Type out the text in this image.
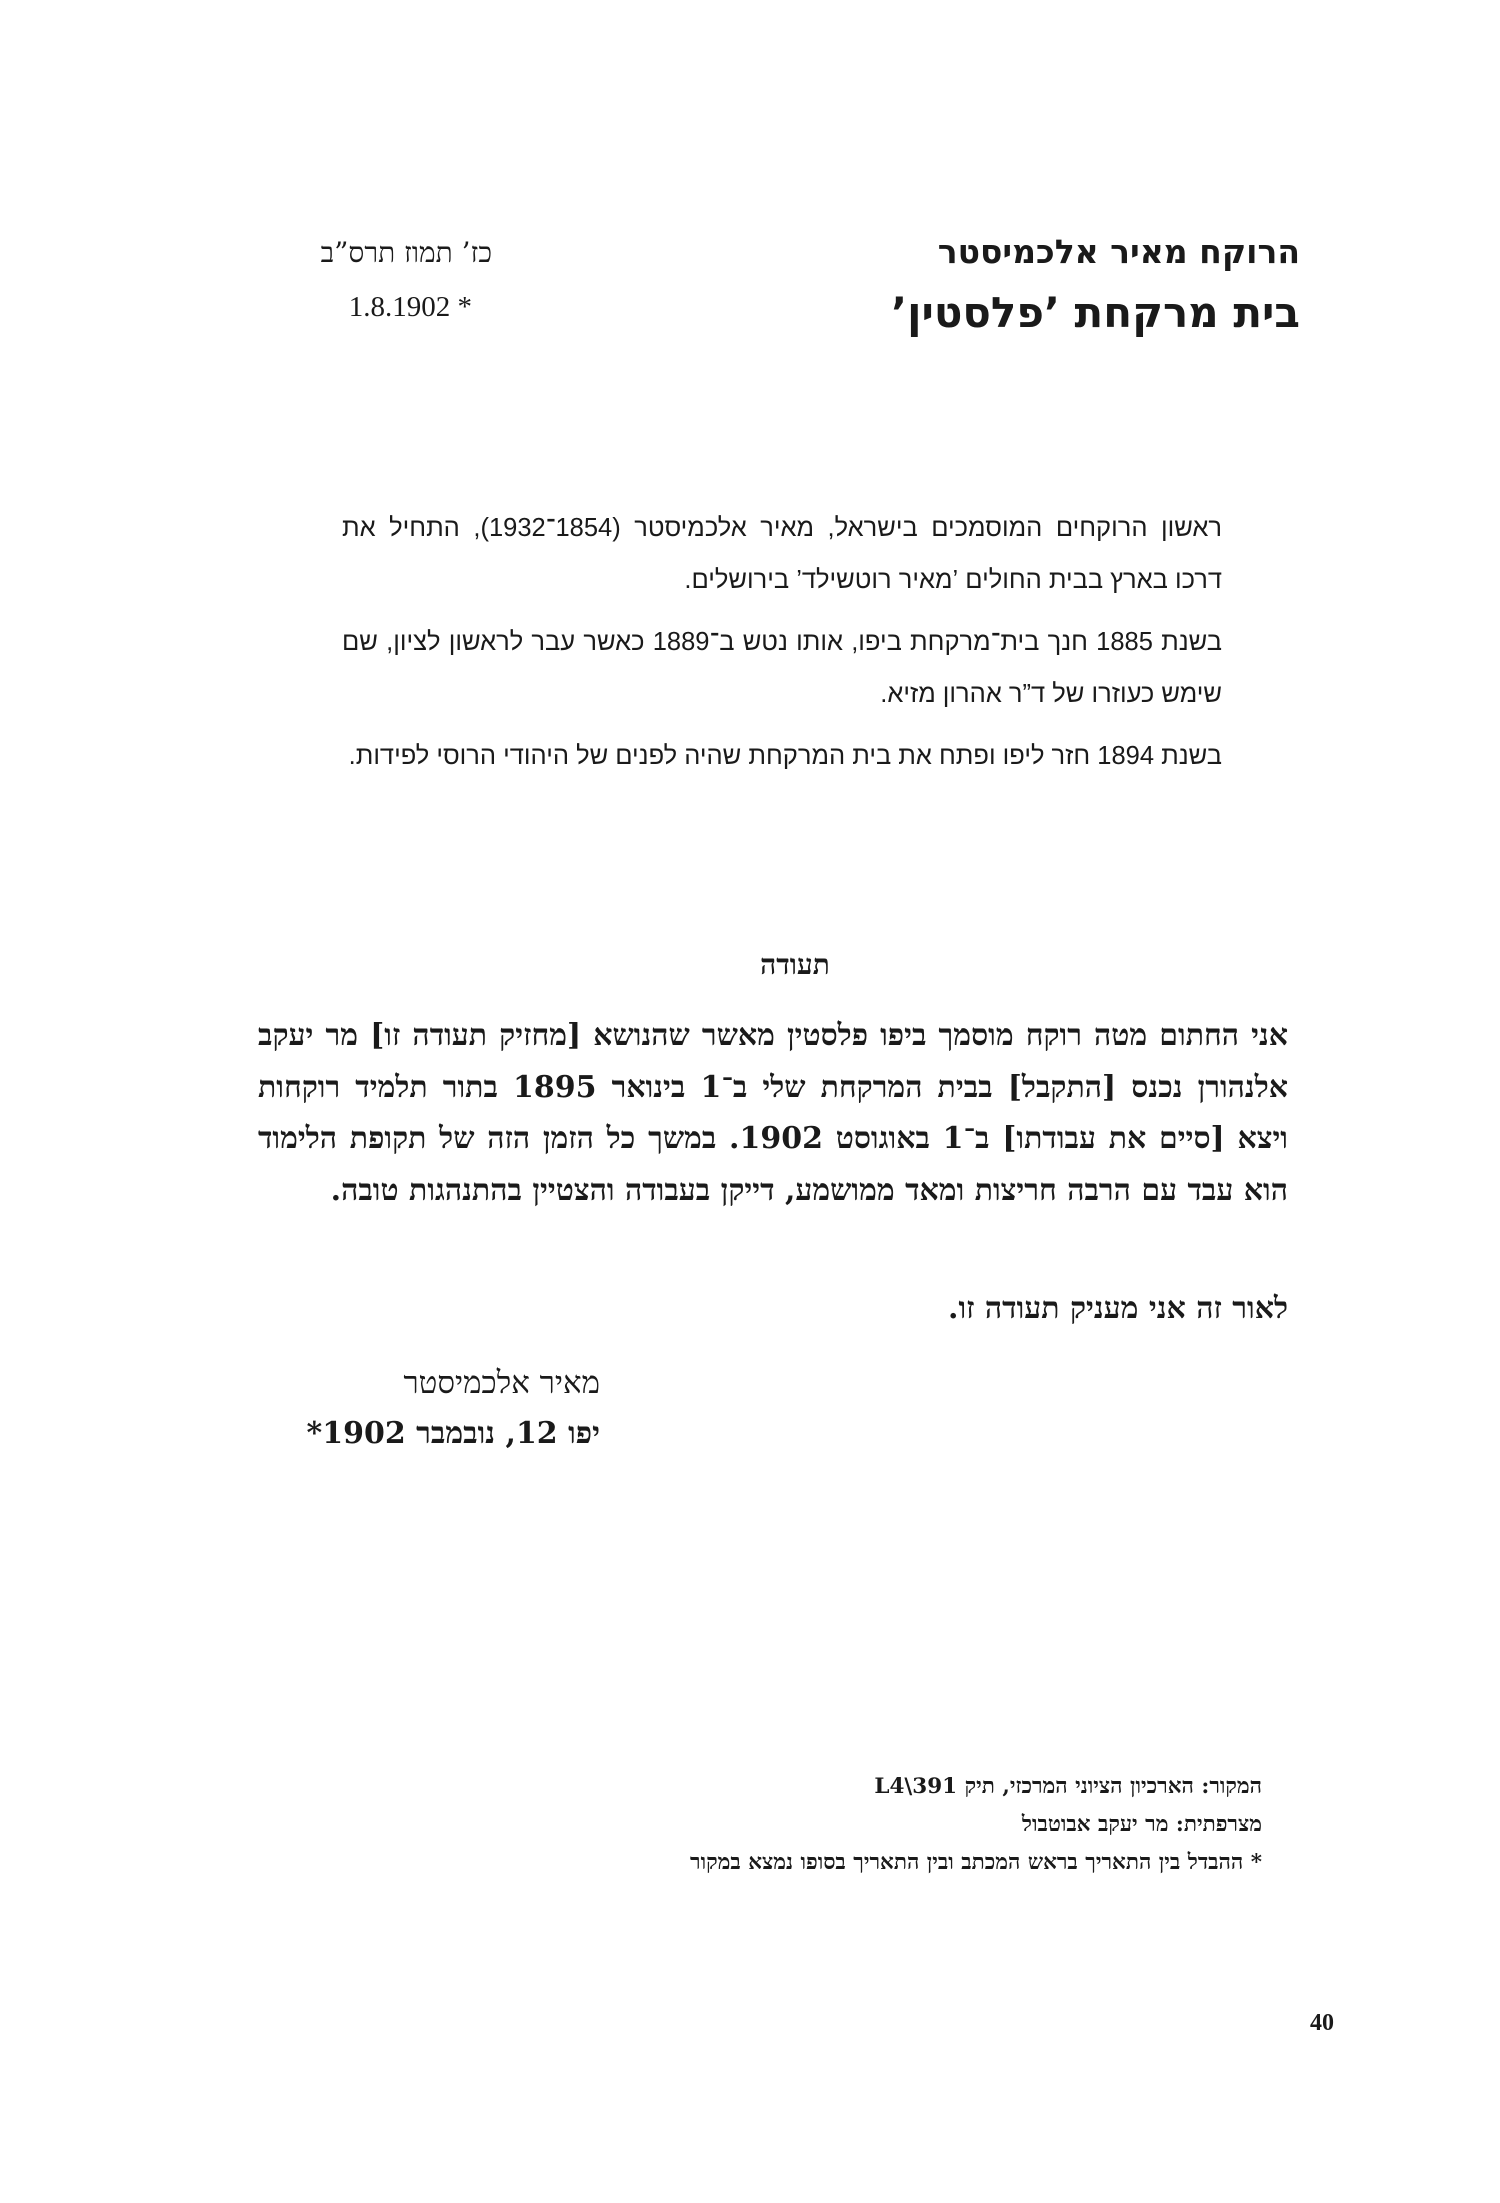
הרוקח מאיר אלכמיסטר
בית מרקחת ’פלסטין’
כז’ תמוז תרס”ב
* 1.8.1902

ראשון הרוקחים המוסמכים בישראל, מאיר אלכמיסטר (1854־1932), התחיל את דרכו בארץ בבית החולים ’מאיר רוטשילד’ בירושלים.

בשנת 1885 חנך בית־מרקחת ביפו, אותו נטש ב־1889 כאשר עבר לראשון לציון, שם שימש כעוזרו של ד”ר אהרון מזיא.

בשנת 1894 חזר ליפו ופתח את בית המרקחת שהיה לפנים של היהודי הרוסי לפידות.

תעודה

אני החתום מטה רוקח מוסמך ביפו פלסטין מאשר שהנושא [מחזיק תעודה זו] מר יעקב אלנהורן נכנס [התקבל] בבית המרקחת שלי ב־1 בינואר 1895 בתור תלמיד רוקחות ויצא [סיים את עבודתו] ב־1 באוגוסט 1902. במשך כל הזמן הזה של תקופת הלימוד הוא עבד עם הרבה חריצות ומאד ממושמע, דייקן בעבודה והצטיין בהתנהגות טובה.

לאור זה אני מעניק תעודה זו.

מאיר אלכמיסטר
יפו 12, נובמבר 1902*
המקור: הארכיון הציוני המרכזי, תיק L4\391
מצרפתית: מר יעקב אבוטבול
* ההבדל בין התאריך בראש המכתב ובין התאריך בסופו נמצא במקור
40
